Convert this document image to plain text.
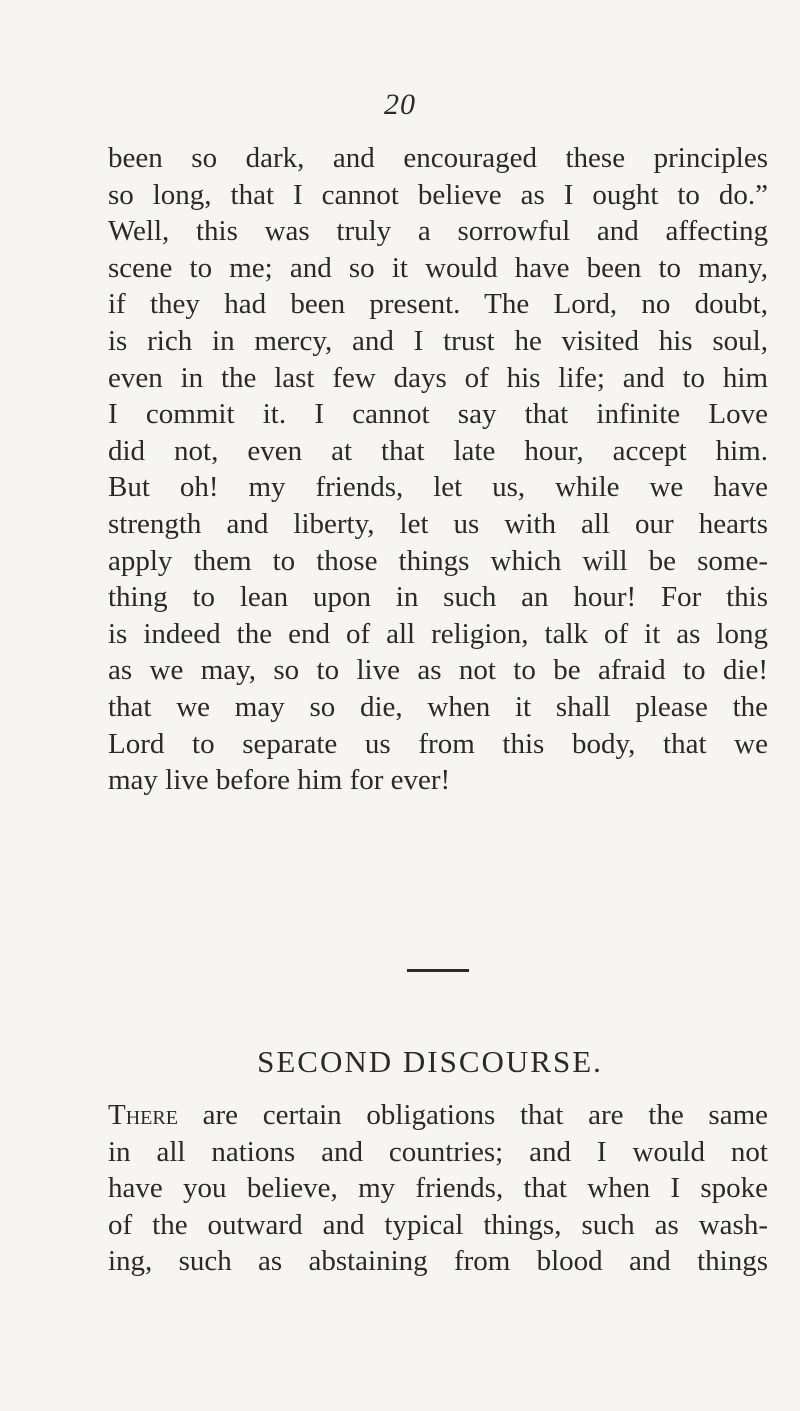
20
been so dark, and encouraged these principles
so long, that I cannot believe as I ought to do.”
Well, this was truly a sorrowful and affecting
scene to me; and so it would have been to many,
if they had been present. The Lord, no doubt,
is rich in mercy, and I trust he visited his soul,
even in the last few days of his life; and to him
I commit it. I cannot say that infinite Love
did not, even at that late hour, accept him.
But oh! my friends, let us, while we have
strength and liberty, let us with all our hearts
apply them to those things which will be some-
thing to lean upon in such an hour! For this
is indeed the end of all religion, talk of it as long
as we may, so to live as not to be afraid to die!
that we may so die, when it shall please the
Lord to separate us from this body, that we
may live before him for ever!
SECOND DISCOURSE.
There are certain obligations that are the same
in all nations and countries; and I would not
have you believe, my friends, that when I spoke
of the outward and typical things, such as wash-
ing, such as abstaining from blood and things
